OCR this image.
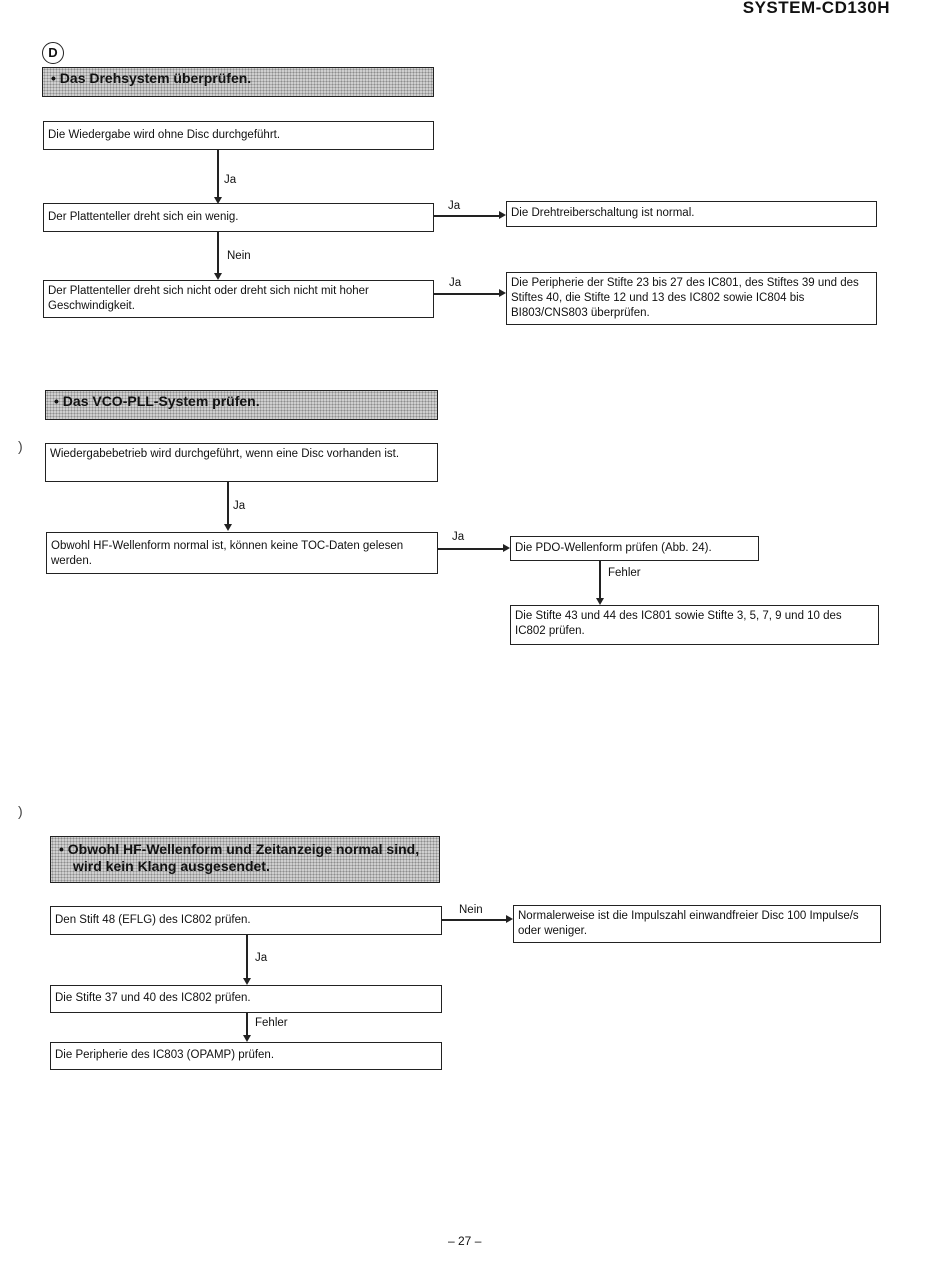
SYSTEM-CD130H
D
)
)
• Das Drehsystem überprüfen.
Die Wiedergabe wird ohne Disc durchgeführt.
Ja
Der Plattenteller dreht sich ein wenig.
Ja
Die Drehtreiberschaltung ist normal.
Nein
Der Plattenteller dreht sich nicht oder dreht sich nicht mit hoher Geschwindigkeit.
Ja	Die Peripherie der Stifte 23 bis 27 des IC801, des Stiftes 39 und des Stiftes 40, die Stifte 12 und 13 des IC802 sowie IC804 bis BI803/CNS803 überprüfen.
• Das VCO-PLL-System prüfen.
Wiedergabebetrieb wird durchgeführt, wenn eine Disc vorhanden ist.
Ja
Obwohl HF-Wellenform normal ist, können keine TOC-Daten gelesen werden.
Ja
Die PDO-Wellenform prüfen (Abb. 24).
Fehler
Die Stifte 43 und 44 des IC801 sowie Stifte 3, 5, 7, 9 und 10 des IC802 prüfen.
• Obwohl HF-Wellenform und Zeitanzeige normal sind,
wird kein Klang ausgesendet.
Den Stift 48 (EFLG) des IC802 prüfen.
Nein	Normalerweise ist die Impulszahl einwandfreier Disc 100 Impulse/s oder weniger.
Ja
Die Stifte 37 und 40 des IC802 prüfen.
Fehler
Die Peripherie des IC803 (OPAMP) prüfen.
– 27 –
